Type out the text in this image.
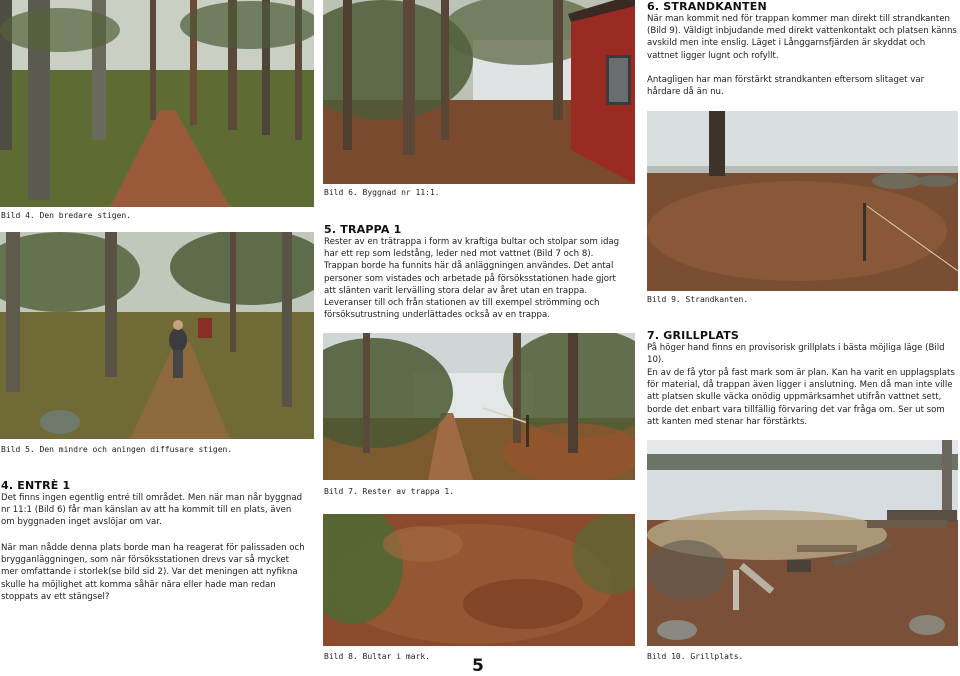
Bild 4. Den bredare stigen.
Bild 5. Den mindre och aningen diffusare stigen.
4. ENTRÈ 1
Det finns ingen egentlig entré till området. Men när man når byggnad nr 11:1 (Bild 6) får man känslan av att ha kommit till en plats, även om byggnaden inget avslöjar om var.
När man nådde denna plats borde man ha reagerat för palissaden och brygganläggningen, som när försöksstationen drevs var så mycket mer omfattande i storlek(se bild sid 2). Var det meningen att nyfikna skulle ha möjlighet att komma såhär nära eller hade man redan stoppats av ett stängsel?
Bild 6. Byggnad nr 11:1.
5. TRAPPA 1
Rester av en trätrappa i form av kraftiga bultar och stolpar som idag har ett rep som ledstång, leder ned mot vattnet (Bild 7 och 8). Trappan borde ha funnits här då anläggningen användes. Det antal personer som vistades och arbetade på försöksstationen hade gjort att slänten varit lervälling stora delar av året utan en trappa. Leveranser till och från stationen av till exempel strömming och försöksutrustning underlättades också av en trappa.
Bild 7. Rester av trappa 1.
Bild 8. Bultar i mark. 5
6. STRANDKANTEN
När man kommit ned för trappan kommer man direkt till strandkanten (Bild 9). Väldigt inbjudande med direkt vattenkontakt och platsen känns avskild men inte enslig. Läget i Långgarnsfjärden är skyddat och vattnet ligger lugnt och rofyllt.
Antagligen har man förstärkt strandkanten eftersom slitaget var hårdare då än nu.
Bild 9. Strandkanten.
7. GRILLPLATS
På höger hand finns en provisorisk grillplats i bästa möjliga läge (Bild 10).
En av de få ytor på fast mark som är plan. Kan ha varit en upplagsplats för material, då trappan även ligger i anslutning. Men då man inte ville att platsen skulle väcka onödig uppmärksamhet utifrån vattnet sett, borde det enbart vara tillfällig förvaring det var fråga om. Ser ut som att kanten med stenar har förstärkts.
Bild 10. Grillplats.
